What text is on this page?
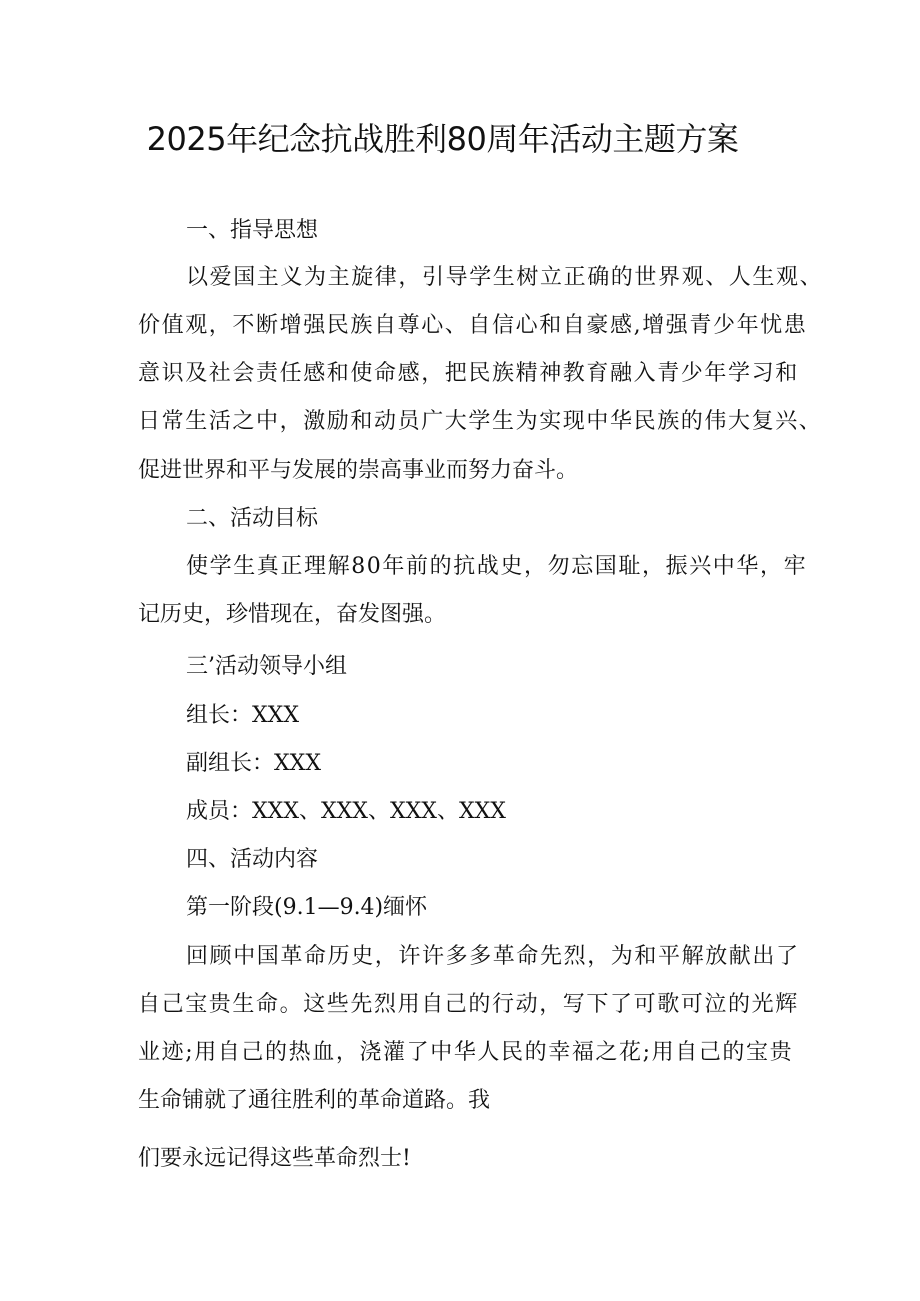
2025年纪念抗战胜利80周年活动主题方案

一、指导思想

以爱国主义为主旋律，引导学生树立正确的世界观、人生观、

价值观，不断增强民族自尊心、自信心和自豪感,增强青少年忧患

意识及社会责任感和使命感，把民族精神教育融入青少年学习和

日常生活之中，激励和动员广大学生为实现中华民族的伟大复兴、

促进世界和平与发展的崇高事业而努力奋斗。

二、活动目标

使学生真正理解80年前的抗战史，勿忘国耻，振兴中华，牢

记历史，珍惜现在，奋发图强。

三’活动领导小组

组长：XXX

副组长：XXX

成员：XXX、XXX、XXX、XXX

四、活动内容

第一阶段(9.1—9.4)缅怀

回顾中国革命历史，许许多多革命先烈，为和平解放献出了

自己宝贵生命。这些先烈用自己的行动，写下了可歌可泣的光辉

业迹;用自己的热血，浇灌了中华人民的幸福之花;用自己的宝贵

生命铺就了通往胜利的革命道路。我

们要永远记得这些革命烈士!
